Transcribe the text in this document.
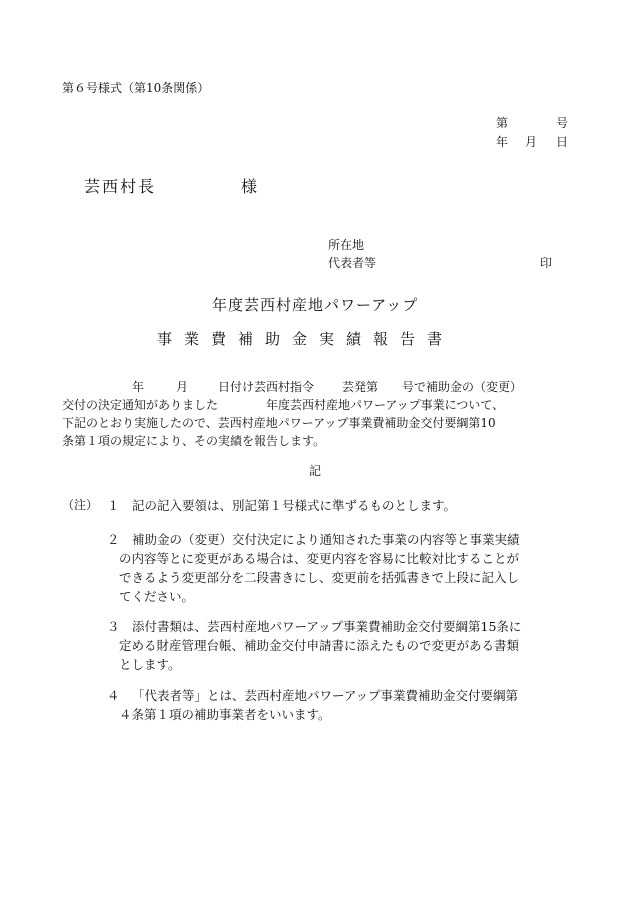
第６号様式（第10条関係）
第	号
年 月 日
芸西村長	様
所在地
代表者等	印
年度芸西村産地パワーアップ
事業費補助金実績報告書
年	月 日付け芸西村指令 芸発第 号で補助金の（変更）
交付の決定通知がありました　　　　年度芸西村産地パワーアップ事業について、
下記のとおり実施したので、芸西村産地パワーアップ事業費補助金交付要綱第10
条第１項の規定により、その実績を報告します。
記
（注） １ 記の記入要領は、別記第１号様式に準ずるものとします。
２ 補助金の（変更）交付決定により通知された事業の内容等と事業実績
の内容等とに変更がある場合は、変更内容を容易に比較対比することが
できるよう変更部分を二段書きにし、変更前を括弧書きで上段に記入し
てください。
３ 添付書類は、芸西村産地パワーアップ事業費補助金交付要綱第15条に
定める財産管理台帳、補助金交付申請書に添えたもので変更がある書類
とします。
４ 「代表者等」とは、芸西村産地パワーアップ事業費補助金交付要綱第
４条第１項の補助事業者をいいます。
